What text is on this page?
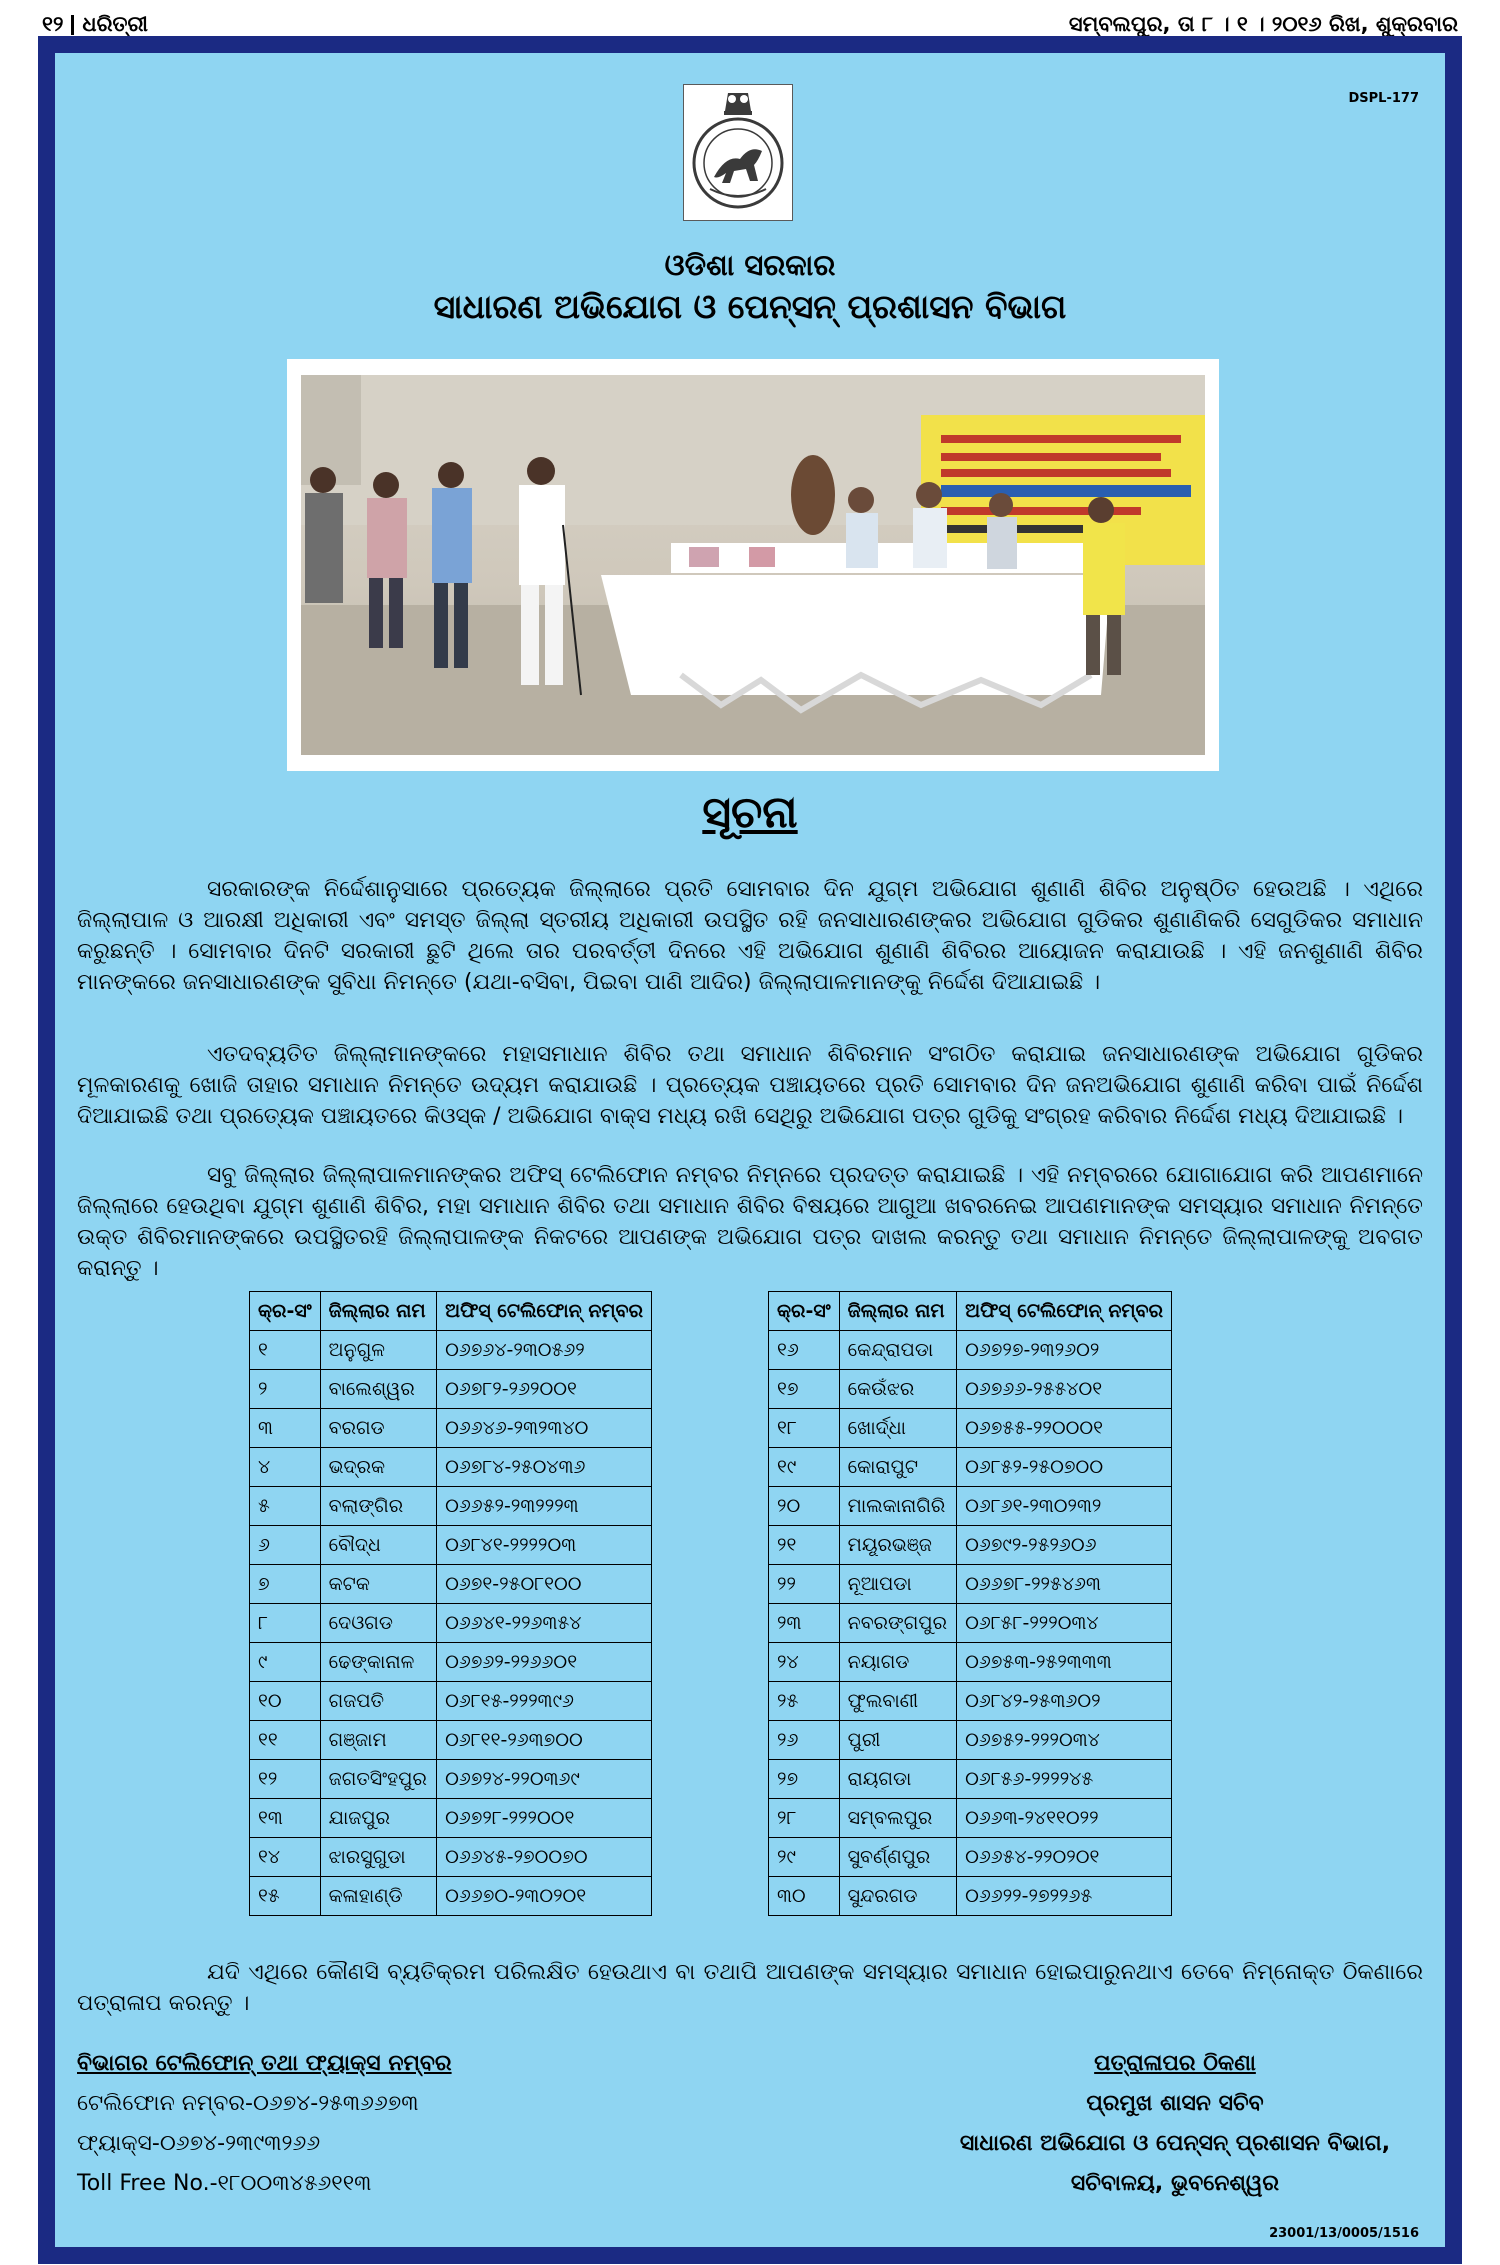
୧୨ ଧରିତ୍ରୀ	ସମ୍ବଲପୁର, ତା ୮ । ୧ । ୨୦୧୬ ରିଖ, ଶୁକ୍ରବାର
DSPL-177
ଓଡିଶା ସରକାର
ସାଧାରଣ ଅଭିଯୋଗ ଓ ପେନ୍‌ସନ୍ ପ୍ରଶାସନ ବିଭାଗ
ସୂଚନା
ସରକାରଙ୍କ ନିର୍ଦ୍ଦେଶାନୁସାରେ ପ୍ରତ୍ୟେକ ଜିଲ୍ଲାରେ ପ୍ରତି ସୋମବାର ଦିନ ଯୁଗ୍ମ ଅଭିଯୋଗ ଶୁଣାଣି ଶିବିର ଅନୁଷ୍ଠିତ ହେଉଅଛି । ଏଥିରେ ଜିଲ୍ଲାପାଳ ଓ ଆରକ୍ଷୀ ଅଧିକାରୀ ଏବଂ ସମସ୍ତ ଜିଲ୍ଲା ସ୍ତରୀୟ ଅଧିକାରୀ ଉପସ୍ଥିତ ରହି ଜନସାଧାରଣଙ୍କର ଅଭିଯୋଗ ଗୁଡିକର ଶୁଣାଣିକରି ସେଗୁଡିକର ସମାଧାନ କରୁଛନ୍ତି । ସୋମବାର ଦିନଟି ସରକାରୀ ଛୁଟି ଥିଲେ ତାର ପରବର୍ତ୍ତୀ ଦିନରେ ଏହି ଅଭିଯୋଗ ଶୁଣାଣି ଶିବିରର ଆୟୋଜନ କରାଯାଉଛି । ଏହି ଜନଶୁଣାଣି ଶିବିର ମାନଙ୍କରେ ଜନସାଧାରଣଙ୍କ ସୁବିଧା ନିମନ୍ତେ (ଯଥା-ବସିବା, ପିଇବା ପାଣି ଆଦିର) ଜିଲ୍ଲାପାଳମାନଙ୍କୁ ନିର୍ଦ୍ଦେଶ ଦିଆଯାଇଛି ।
ଏତଦବ୍ୟତିତ ଜିଲ୍ଲାମାନଙ୍କରେ ମହାସମାଧାନ ଶିବିର ତଥା ସମାଧାନ ଶିବିରମାନ ସଂଗଠିତ କରାଯାଇ ଜନସାଧାରଣଙ୍କ ଅଭିଯୋଗ ଗୁଡିକର ମୂଳକାରଣକୁ ଖୋଜି ତାହାର ସମାଧାନ ନିମନ୍ତେ ଉଦ୍ୟମ କରାଯାଉଛି । ପ୍ରତ୍ୟେକ ପଞ୍ଚାୟତରେ ପ୍ରତି ସୋମବାର ଦିନ ଜନଅଭିଯୋଗ ଶୁଣାଣି କରିବା ପାଇଁ ନିର୍ଦ୍ଦେଶ ଦିଆଯାଇଛି ତଥା ପ୍ରତ୍ୟେକ ପଞ୍ଚାୟତରେ କିଓସ୍କ / ଅଭିଯୋଗ ବାକ୍ସ ମଧ୍ୟ ରଖି ସେଥିରୁ ଅଭିଯୋଗ ପତ୍ର ଗୁଡିକୁ ସଂଗ୍ରହ କରିବାର ନିର୍ଦ୍ଦେଶ ମଧ୍ୟ ଦିଆଯାଇଛି ।
ସବୁ ଜିଲ୍ଲାର ଜିଲ୍ଲାପାଳମାନଙ୍କର ଅଫିସ୍ ଟେଲିଫୋନ ନମ୍ବର ନିମ୍ନରେ ପ୍ରଦତ୍ତ କରାଯାଇଛି । ଏହି ନମ୍ବରରେ ଯୋଗାଯୋଗ କରି ଆପଣମାନେ ଜିଲ୍ଲାରେ ହେଉଥିବା ଯୁଗ୍ମ ଶୁଣାଣି ଶିବିର, ମହା ସମାଧାନ ଶିବିର ତଥା ସମାଧାନ ଶିବିର ବିଷୟରେ ଆଗୁଆ ଖବରନେଇ ଆପଣମାନଙ୍କ ସମସ୍ୟାର ସମାଧାନ ନିମନ୍ତେ ଉକ୍ତ ଶିବିରମାନଙ୍କରେ ଉପସ୍ଥିତରହି ଜିଲ୍ଲାପାଳଙ୍କ ନିକଟରେ ଆପଣଙ୍କ ଅଭିଯୋଗ ପତ୍ର ଦାଖଲ କରନ୍ତୁ ତଥା ସମାଧାନ ନିମନ୍ତେ ଜିଲ୍ଲାପାଳଙ୍କୁ ଅବଗତ କରାନ୍ତୁ ।
କ୍ର-ସଂ	ଜିଲ୍ଲାର ନାମ	ଅଫିସ୍ ଟେଲିଫୋନ୍ ନମ୍ବର
୧	ଅନୁଗୁଳ	୦୬୭୬୪-୨୩୦୫୬୨
୨	ବାଲେଶ୍ୱର	୦୬୭୮୨-୨୬୨୦୦୧
୩	ବରଗଡ	୦୬୬୪୬-୨୩୨୩୪୦
୪	ଭଦ୍ରକ	୦୬୭୮୪-୨୫୦୪୩୬
୫	ବଲାଙ୍ଗିର	୦୬୬୫୨-୨୩୨୨୨୩
୬	ବୌଦ୍ଧ	୦୬୮୪୧-୨୨୨୨୦୩
୭	କଟକ	୦୬୭୧-୨୫୦୮୧୦୦
୮	ଦେଓଗଡ	୦୬୬୪୧-୨୨୬୩୫୪
୯	ଢେଙ୍କାନାଳ	୦୬୭୬୨-୨୨୬୬୦୧
୧୦	ଗଜପତି	୦୬୮୧୫-୨୨୨୩୯୬
୧୧	ଗଞ୍ଜାମ	୦୬୮୧୧-୨୬୩୭୦୦
୧୨	ଜଗତସିଂହପୁର	୦୬୭୨୪-୨୨୦୩୬୯
୧୩	ଯାଜପୁର	୦୬୭୨୮-୨୨୨୦୦୧
୧୪	ଝାରସୁଗୁଡା	୦୬୬୪୫-୨୭୦୦୭୦
୧୫	କଳାହାଣ୍ଡି	୦୬୬୭୦-୨୩୦୨୦୧
କ୍ର-ସଂ	ଜିଲ୍ଲାର ନାମ	ଅଫିସ୍ ଟେଲିଫୋନ୍ ନମ୍ବର
୧୬	କେନ୍ଦ୍ରାପଡା	୦୬୭୨୭-୨୩୨୬୦୨
୧୭	କେଉଁଝର	୦୬୭୬୬-୨୫୫୪୦୧
୧୮	ଖୋର୍ଦ୍ଧା	୦୬୭୫୫-୨୨୦୦୦୧
୧୯	କୋରାପୁଟ	୦୬୮୫୨-୨୫୦୭୦୦
୨୦	ମାଲକାନାଗିରି	୦୬୮୬୧-୨୩୦୨୩୨
୨୧	ମୟୂରଭଞ୍ଜ	୦୬୭୯୨-୨୫୨୬୦୬
୨୨	ନୂଆପଡା	୦୬୬୭୮-୨୨୫୪୬୩
୨୩	ନବରଙ୍ଗପୁର	୦୬୮୫୮-୨୨୨୦୩୪
୨୪	ନୟାଗଡ	୦୬୭୫୩-୨୫୨୩୩୩
୨୫	ଫୁଲବାଣୀ	୦୬୮୪୨-୨୫୩୬୦୨
୨୬	ପୁରୀ	୦୬୭୫୨-୨୨୨୦୩୪
୨୭	ରାୟଗଡା	୦୬୮୫୬-୨୨୨୨୪୫
୨୮	ସମ୍ବଲପୁର	୦୬୬୩-୨୪୧୧୦୨୨
୨୯	ସୁବର୍ଣ୍ଣପୁର	୦୬୬୫୪-୨୨୦୨୦୧
୩୦	ସୁନ୍ଦରଗଡ	୦୬୬୨୨-୨୭୨୨୬୫
ଯଦି ଏଥିରେ କୌଣସି ବ୍ୟତିକ୍ରମ ପରିଲକ୍ଷିତ ହେଉଥାଏ ବା ତଥାପି ଆପଣଙ୍କ ସମସ୍ୟାର ସମାଧାନ ହୋଇପାରୁନଥାଏ ତେବେ ନିମ୍ନୋକ୍ତ ଠିକଣାରେ ପତ୍ରାଳାପ କରନ୍ତୁ ।
ବିଭାଗର ଟେଲିଫୋନ୍ ତଥା ଫ୍ୟାକ୍ସ ନମ୍ବର
ଟେଲିଫୋନ ନମ୍ବର-୦୬୭୪-୨୫୩୬୬୭୩
ଫ୍ୟାକ୍ସ-୦୬୭୪-୨୩୯୩୨୬୬
Toll Free No.-୧୮୦୦୩୪୫୬୧୧୩
ପତ୍ରାଳାପର ଠିକଣା
ପ୍ରମୁଖ ଶାସନ ସଚିବ
ସାଧାରଣ ଅଭିଯୋଗ ଓ ପେନ୍‌ସନ୍ ପ୍ରଶାସନ ବିଭାଗ,
ସଚିବାଳୟ, ଭୁବନେଶ୍ୱର
23001/13/0005/1516
